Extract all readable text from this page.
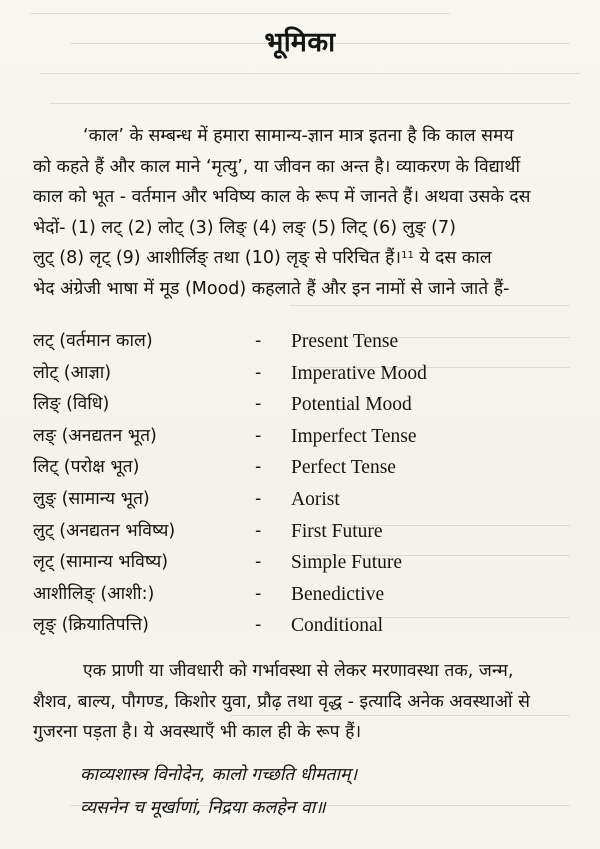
भूमिका
‘काल’ के सम्बन्ध में हमारा सामान्य-ज्ञान मात्र इतना है कि काल समय
को कहते हैं और काल माने ‘मृत्यु’, या जीवन का अन्त है। व्याकरण के विद्यार्थी
काल को भूत - वर्तमान और भविष्य काल के रूप में जानते हैं। अथवा उसके दस
भेदों- (1) लट् (2) लोट् (3) लिङ् (4) लङ् (5) लिट् (6) लुङ् (7)
लुट् (8) लृट् (9) आशीर्लिङ् तथा (10) लृङ् से परिचित हैं।$^{11}$ ये दस काल
भेद अंग्रेजी भाषा में मूड (Mood) कहलाते हैं और इन नामों से जाने जाते हैं-
लट् (वर्तमान काल)	- Present Tense
लोट् (आज्ञा)	- Imperative Mood
लिङ् (विधि)	- Potential Mood
लङ् (अनद्यतन भूत)	- Imperfect Tense
लिट् (परोक्ष भूत)	- Perfect Tense
लुङ् (सामान्य भूत)	- Aorist
लुट् (अनद्यतन भविष्य)	- First Future
लृट् (सामान्य भविष्य)	- Simple Future
आशीलिङ् (आशी:)	- Benedictive
लृङ् (क्रियातिपत्ति)	- Conditional
एक प्राणी या जीवधारी को गर्भावस्था से लेकर मरणावस्था तक, जन्म,
शैशव, बाल्य, पौगण्ड, किशोर युवा, प्रौढ़ तथा वृद्ध - इत्यादि अनेक अवस्थाओं से
गुजरना पड़ता है। ये अवस्थाएँ भी काल ही के रूप हैं।
काव्यशास्त्र विनोदेन, कालो गच्छति धीमताम्।
व्यसनेन च मूर्खाणां, निद्रया कलहेन वा॥
